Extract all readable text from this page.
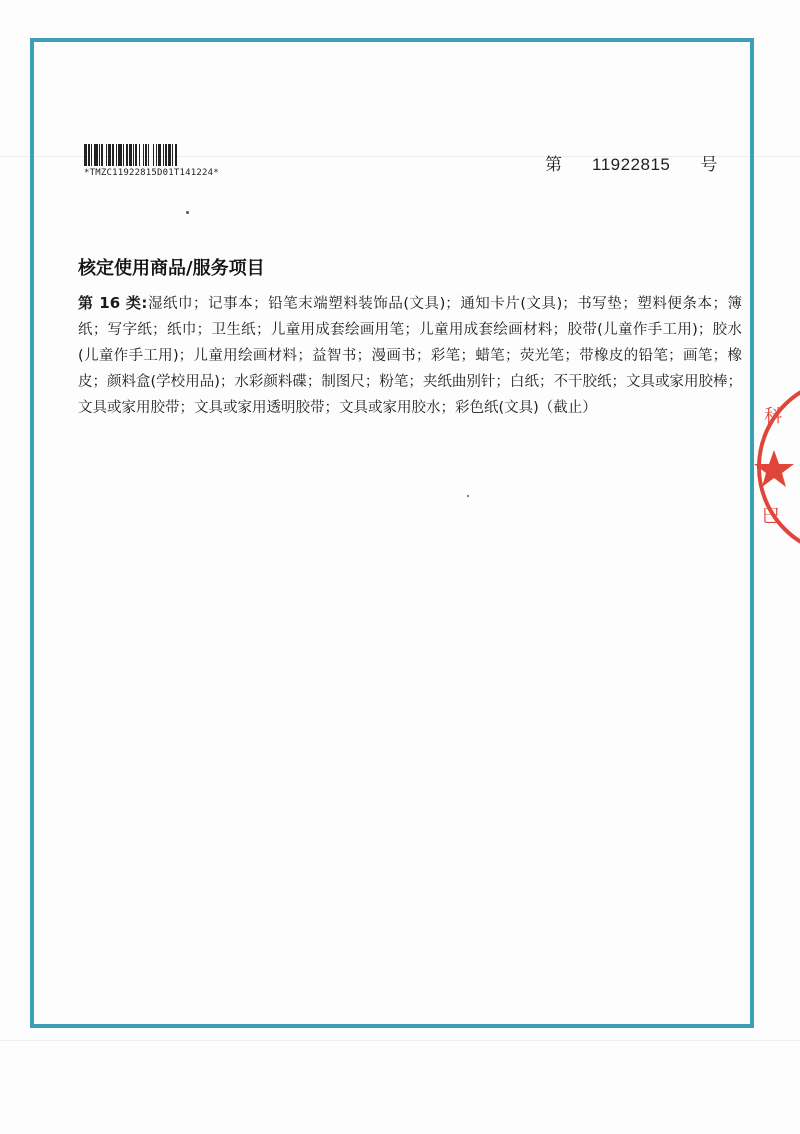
*TMZC11922815D01T141224*	第 11922815 号
核定使用商品/服务项目

第 16 类:湿纸巾；记事本；铅笔末端塑料装饰品(文具)；通知卡片(文具)；书写垫；塑料便条本；簿纸；写字纸；纸巾；卫生纸；儿童用成套绘画用笔；儿童用成套绘画材料；胶带(儿童作手工用)；胶水(儿童作手工用)；儿童用绘画材料；益智书；漫画书；彩笔；蜡笔；荧光笔；带橡皮的铅笔；画笔；橡皮；颜料盒(学校用品)；水彩颜料碟；制图尺；粉笔；夹纸曲别针；白纸；不干胶纸；文具或家用胶棒；文具或家用胶带；文具或家用透明胶带；文具或家用胶水；彩色纸(文具)（截止）	科
巴
